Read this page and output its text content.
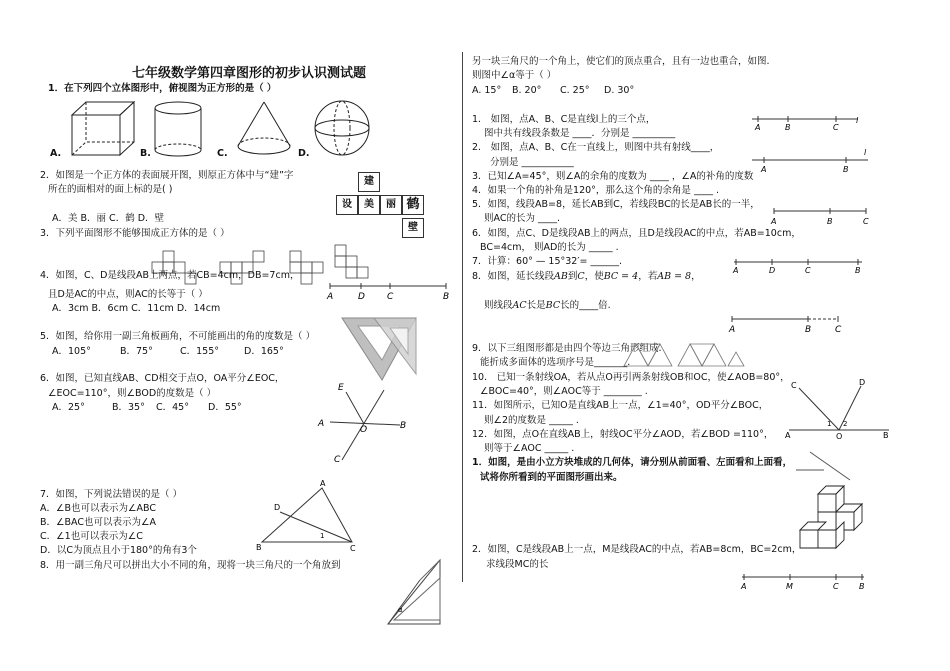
七年级数学第四章图形的初步认识测试题
1．在下列四个立体图形中，俯视图为正方形的是（ ）
A.	B.	C.	D.
2．如图是一个正方体的表面展开图，则原正方体中与“建”字
所在的面相对的面上标的是( )
A．美 B．丽 C．鹤 D．壁
建
设	美	丽 鹤
壁
3．下列平面图形不能够围成正方体的是（ ）
4．如图，C、D是线段AB上两点，若CB=4cm，DB=7cm，
且D是AC的中点，则AC的长等于（ ）
A．3cm B．6cm C．11cm D．14cm
A	D C	B
5．如图，给你用一副三角板画角，不可能画出的角的度数是（ ）
A．105°	B．75°	C．155°	D．165°
6．如图，已知直线AB、CD相交于点O，OA平分∠EOC，
∠EOC=110°，则∠BOD的度数是（ ）
A．25°	B．35° C．45° D．55°
E
A
O	B
C
7．如图，下列说法错误的是（ ）
A．∠B也可以表示为∠ABC
B．∠BAC也可以表示为∠A
C．∠1也可以表示为∠C
D．以C为顶点且小于180°的角有3个
A
D
B	C
1
8．用一副三角尺可以拼出大小不同的角，现将一块三角尺的一个角放到
α
另一块三角尺的一个角上，使它们的顶点重合，且有一边也重合，如图.
则图中∠α等于（ ）
A. 15° B. 20° C. 25° D. 30°
1． 如图，点A、B、C是直线l上的三个点，
图中共有线段条数是 ____．分别是 _________
A	B	C
l
2． 如图，点A、B、C在一直线上，则图中共有射线____，
分别是 ___________
A	B
l
3．已知∠A=45°，则∠A的余角的度数为 ____ ，∠A的补角的度数
4．如果一个角的补角是120°，那么这个角的余角是 ____ .
5．如图，线段AB=8，延长AB到C，若线段BC的长是AB长的一半，
则AC的长为 ____.	A	B	C
6．如图，点C、D是线段AB上的两点，且D是线段AC的中点，若AB=10cm，
BC=4cm， 则AD的长为 _____ .
7．计算：60° — 15°32′= ______.
A	D	C	B
8．如图，延长线段AB到C，使BC = 4，若AB = 8，
则线段AC长是BC长的____倍.
A	B	C
9．以下三组图形都是由四个等边三角形组成.
能折成多面体的选项序号是_______.
10． 已知一条射线OA，若从点O再引两条射线OB和OC，使∠AOB=80°，
∠BOC=40°，则∠AOC等于 ________ .
11．如图所示，已知O是直线AB上一点，∠1=40°，OD平分∠BOC，
则∠2的度数是 _____ .
C	D
1 2
A	O	B
12．如图，点O在直线AB上，射线OC平分∠AOD，若∠BOD =110°，
则等于∠AOC _____ .
1．如图，是由小立方块堆成的几何体，请分别从前面看、左面看和上面看，
试将你所看到的平面图形画出来。
2．如图，C是线段AB上一点，M是线段AC的中点，若AB=8cm，BC=2cm，
求线段MC的长
A	M	C	B
